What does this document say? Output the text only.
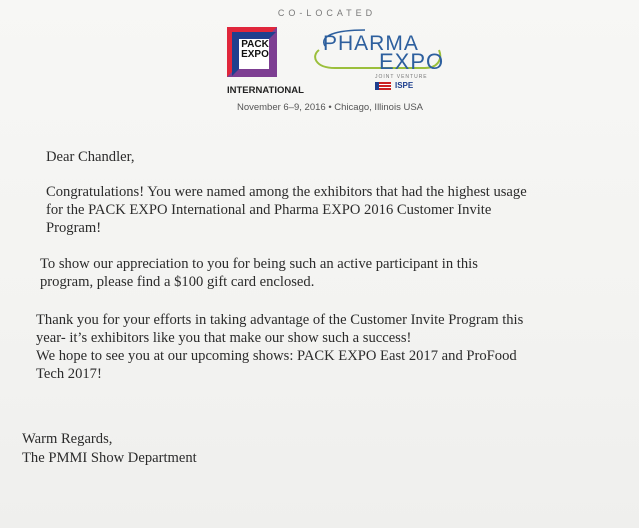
CO-LOCATED
PACK
EXPO
INTERNATIONAL
PHARMA
EXPO
JOINT VENTURE
ISPE
November 6–9, 2016 • Chicago, Illinois USA
Dear Chandler,
Congratulations! You were named among the exhibitors that had the highest usage
for the PACK EXPO International and Pharma EXPO 2016 Customer Invite
Program!
To show our appreciation to you for being such an active participant in this
program, please find a $100 gift card enclosed.
Thank you for your efforts in taking advantage of the Customer Invite Program this
year- it’s exhibitors like you that make our show such a success!
We hope to see you at our upcoming shows: PACK EXPO East 2017 and ProFood
Tech 2017!
Warm Regards,
The PMMI Show Department
